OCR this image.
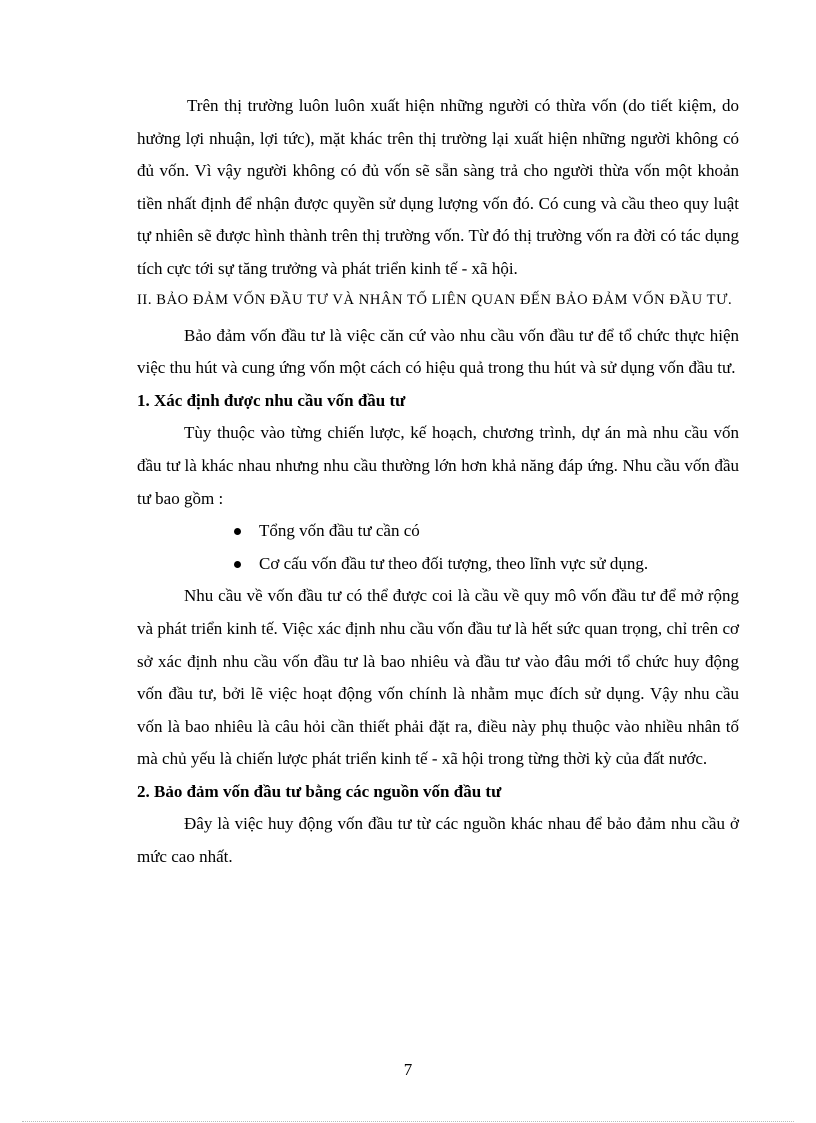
Trên thị trường luôn luôn xuất hiện những người có thừa vốn (do tiết kiệm, do hưởng lợi nhuận, lợi tức), mặt khác trên thị trường lại xuất hiện những người không có đủ vốn. Vì vậy người không có đủ vốn sẽ sẵn sàng trả cho người thừa vốn một khoản tiền nhất định để nhận được quyền sử dụng lượng vốn đó. Có cung và cầu theo quy luật tự nhiên sẽ được hình thành trên thị trường vốn. Từ đó thị trường vốn ra đời có tác dụng tích cực tới sự tăng trưởng và phát triển kinh tế - xã hội.

II. BẢO ĐẢM VỐN ĐẦU TƯ VÀ NHÂN TỐ LIÊN QUAN ĐẾN BẢO ĐẢM VỐN ĐẦU TƯ.

Bảo đảm vốn đầu tư là việc căn cứ vào nhu cầu vốn đầu tư để tổ chức thực hiện việc thu hút và cung ứng vốn một cách có hiệu quả trong thu hút và sử dụng vốn đầu tư.

1. Xác định được nhu cầu vốn đầu tư

Tùy thuộc vào từng chiến lược, kế hoạch, chương trình, dự án mà nhu cầu vốn đầu tư là khác nhau nhưng nhu cầu thường lớn hơn khả năng đáp ứng. Nhu cầu vốn đầu tư bao gồm :

Tổng vốn đầu tư cần có
Cơ cấu vốn đầu tư theo đối tượng, theo lĩnh vực sử dụng.

Nhu cầu về vốn đầu tư có thể được coi là cầu về quy mô vốn đầu tư để mở rộng và phát triển kinh tế. Việc xác định nhu cầu vốn đầu tư là hết sức quan trọng, chỉ trên cơ sở xác định nhu cầu vốn đầu tư là bao nhiêu và đầu tư vào đâu mới tổ chức huy động vốn đầu tư, bởi lẽ việc hoạt động vốn chính là nhằm mục đích sử dụng. Vậy nhu cầu vốn là bao nhiêu là câu hỏi cần thiết phải đặt ra, điều này phụ thuộc vào nhiều nhân tố mà chủ yếu là chiến lược phát triển kinh tế - xã hội trong từng thời kỳ của đất nước.

2. Bảo đảm vốn đầu tư bằng các nguồn vốn đầu tư

Đây là việc huy động vốn đầu tư từ các nguồn khác nhau để bảo đảm nhu cầu ở mức cao nhất.

7
